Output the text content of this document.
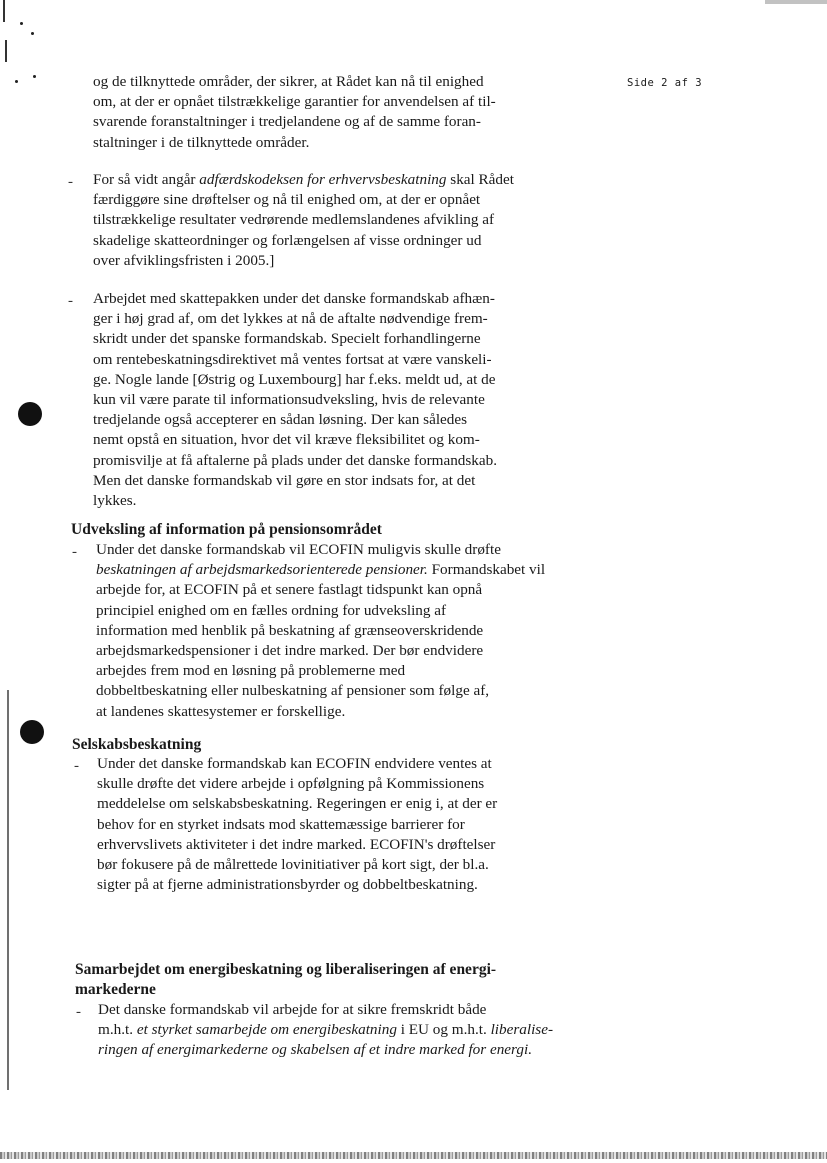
Side 2 af 3

og de tilknyttede områder, der sikrer, at Rådet kan nå til enighed

om, at der er opnået tilstrækkelige garantier for anvendelsen af til-

svarende foranstaltninger i tredjelandene og af de samme foran-

staltninger i de tilknyttede områder.

- For så vidt angår adfærdskodeksen for erhvervsbeskatning skal Rådet

færdiggøre sine drøftelser og nå til enighed om, at der er opnået

tilstrækkelige resultater vedrørende medlemslandenes afvikling af

skadelige skatteordninger og forlængelsen af visse ordninger ud

over afviklingsfristen i 2005.]

- Arbejdet med skattepakken under det danske formandskab afhæn-

ger i høj grad af, om det lykkes at nå de aftalte nødvendige frem-

skridt under det spanske formandskab. Specielt forhandlingerne

om rentebeskatningsdirektivet må ventes fortsat at være vanskeli-

ge. Nogle lande [Østrig og Luxembourg] har f.eks. meldt ud, at de

kun vil være parate til informationsudveksling, hvis de relevante

tredjelande også accepterer en sådan løsning. Der kan således

nemt opstå en situation, hvor det vil kræve fleksibilitet og kom-

promisvilje at få aftalerne på plads under det danske formandskab.

Men det danske formandskab vil gøre en stor indsats for, at det

lykkes.

Udveksling af information på pensionsområdet
- Under det danske formandskab vil ECOFIN muligvis skulle drøfte

beskatningen af arbejdsmarkedsorienterede pensioner. Formandskabet vil

arbejde for, at ECOFIN på et senere fastlagt tidspunkt kan opnå

principiel enighed om en fælles ordning for udveksling af

information med henblik på beskatning af grænseoverskridende

arbejdsmarkedspensioner i det indre marked. Der bør endvidere

arbejdes frem mod en løsning på problemerne med

dobbeltbeskatning eller nulbeskatning af pensioner som følge af,

at landenes skattesystemer er forskellige.

Selskabsbeskatning
- Under det danske formandskab kan ECOFIN endvidere ventes at

skulle drøfte det videre arbejde i opfølgning på Kommissionens

meddelelse om selskabsbeskatning. Regeringen er enig i, at der er

behov for en styrket indsats mod skattemæssige barrierer for

erhvervslivets aktiviteter i det indre marked. ECOFIN's drøftelser

bør fokusere på de målrettede lovinitiativer på kort sigt, der bl.a.

sigter på at fjerne administrationsbyrder og dobbeltbeskatning.

Samarbejdet om energibeskatning og liberaliseringen af energi-
markederne
- Det danske formandskab vil arbejde for at sikre fremskridt både

m.h.t. et styrket samarbejde om energibeskatning i EU og m.h.t. liberalise-

ringen af energimarkederne og skabelsen af et indre marked for energi.
